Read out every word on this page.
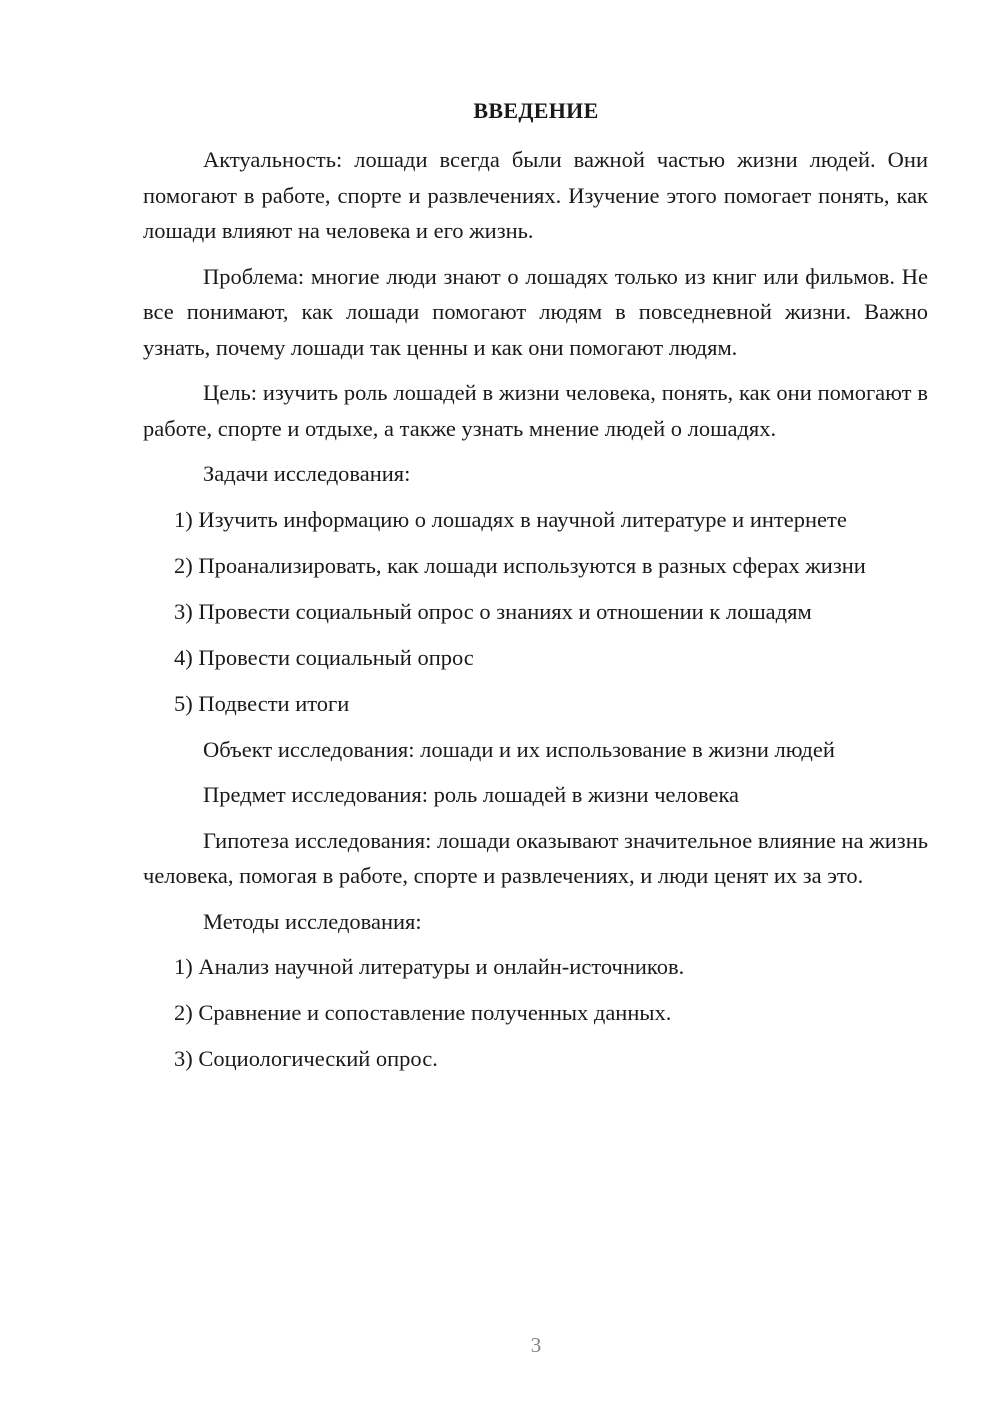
ВВЕДЕНИЕ

Актуальность: лошади всегда были важной частью жизни людей. Они помогают в работе, спорте и развлечениях. Изучение этого помогает понять, как лошади влияют на человека и его жизнь.

Проблема: многие люди знают о лошадях только из книг или фильмов. Не все понимают, как лошади помогают людям в повседневной жизни. Важно узнать, почему лошади так ценны и как они помогают людям.

Цель: изучить роль лошадей в жизни человека, понять, как они помогают в работе, спорте и отдыхе, а также узнать мнение людей о лошадях.

Задачи исследования:

1) Изучить информацию о лошадях в научной литературе и интернете

2) Проанализировать, как лошади используются в разных сферах жизни

3) Провести социальный опрос о знаниях и отношении к лошадям

4) Провести социальный опрос

5) Подвести итоги

Объект исследования: лошади и их использование в жизни людей

Предмет исследования: роль лошадей в жизни человека

Гипотеза исследования: лошади оказывают значительное влияние на жизнь человека, помогая в работе, спорте и развлечениях, и люди ценят их за это.

Методы исследования:

1) Анализ научной литературы и онлайн-источников.

2) Сравнение и сопоставление полученных данных.

3) Социологический опрос.

3
